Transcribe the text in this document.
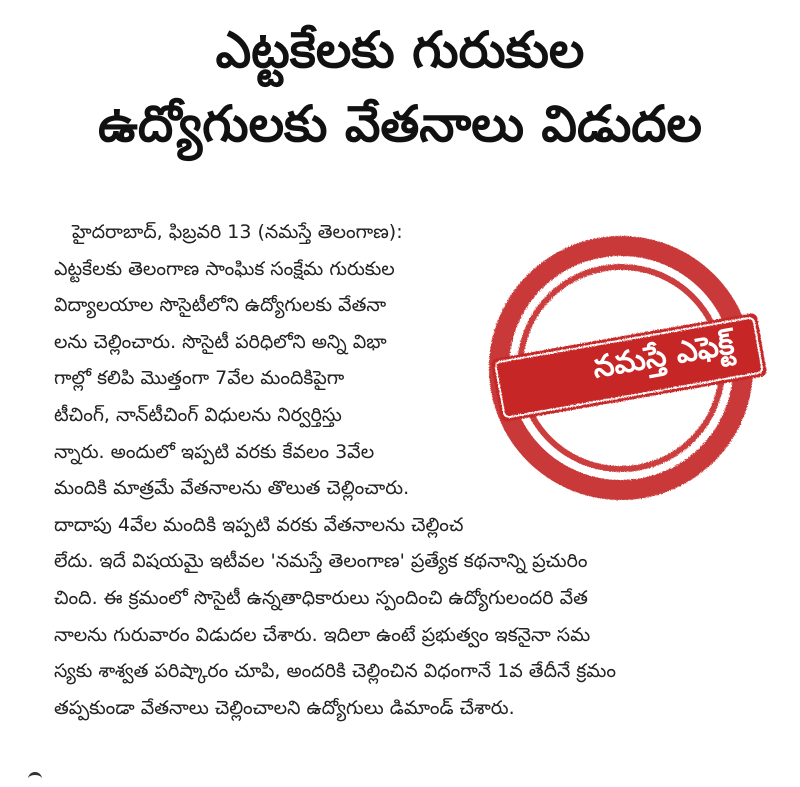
ఎట్టకేలకు గురుకుల
ఉద్యోగులకు వేతనాలు విడుదల
హైదరాబాద్, ఫిబ్రవరి 13 (నమస్తే తెలంగాణ):
ఎట్టకేలకు తెలంగాణ సాంఘిక సంక్షేమ గురుకుల
విద్యాలయాల సొసైటీలోని ఉద్యోగులకు వేతనా
లను చెల్లించారు. సొసైటీ పరిధిలోని అన్ని విభా
గాల్లో కలిపి మొత్తంగా 7వేల మందికిపైగా
టీచింగ్, నాన్‌టీచింగ్ విధులను నిర్వర్తిస్తు
న్నారు. అందులో ఇప్పటి వరకు కేవలం 3వేల
మందికి మాత్రమే వేతనాలను తొలుత చెల్లించారు.
దాదాపు 4వేల మందికి ఇప్పటి వరకు వేతనాలను చెల్లించ
లేదు. ఇదే విషయమై ఇటీవల 'నమస్తే తెలంగాణ' ప్రత్యేక కథనాన్ని ప్రచురిం
చింది. ఈ క్రమంలో సొసైటీ ఉన్నతాధికారులు స్పందించి ఉద్యోగులందరి వేత
నాలను గురువారం విడుదల చేశారు. ఇదిలా ఉంటే ప్రభుత్వం ఇకనైనా సమ
స్యకు శాశ్వత పరిష్కారం చూపి, అందరికి చెల్లించిన విధంగానే 1వ తేదీనే క్రమం
తప్పకుండా వేతనాలు చెల్లించాలని ఉద్యోగులు డిమాండ్ చేశారు.
నమస్తే ఎఫెక్ట్
